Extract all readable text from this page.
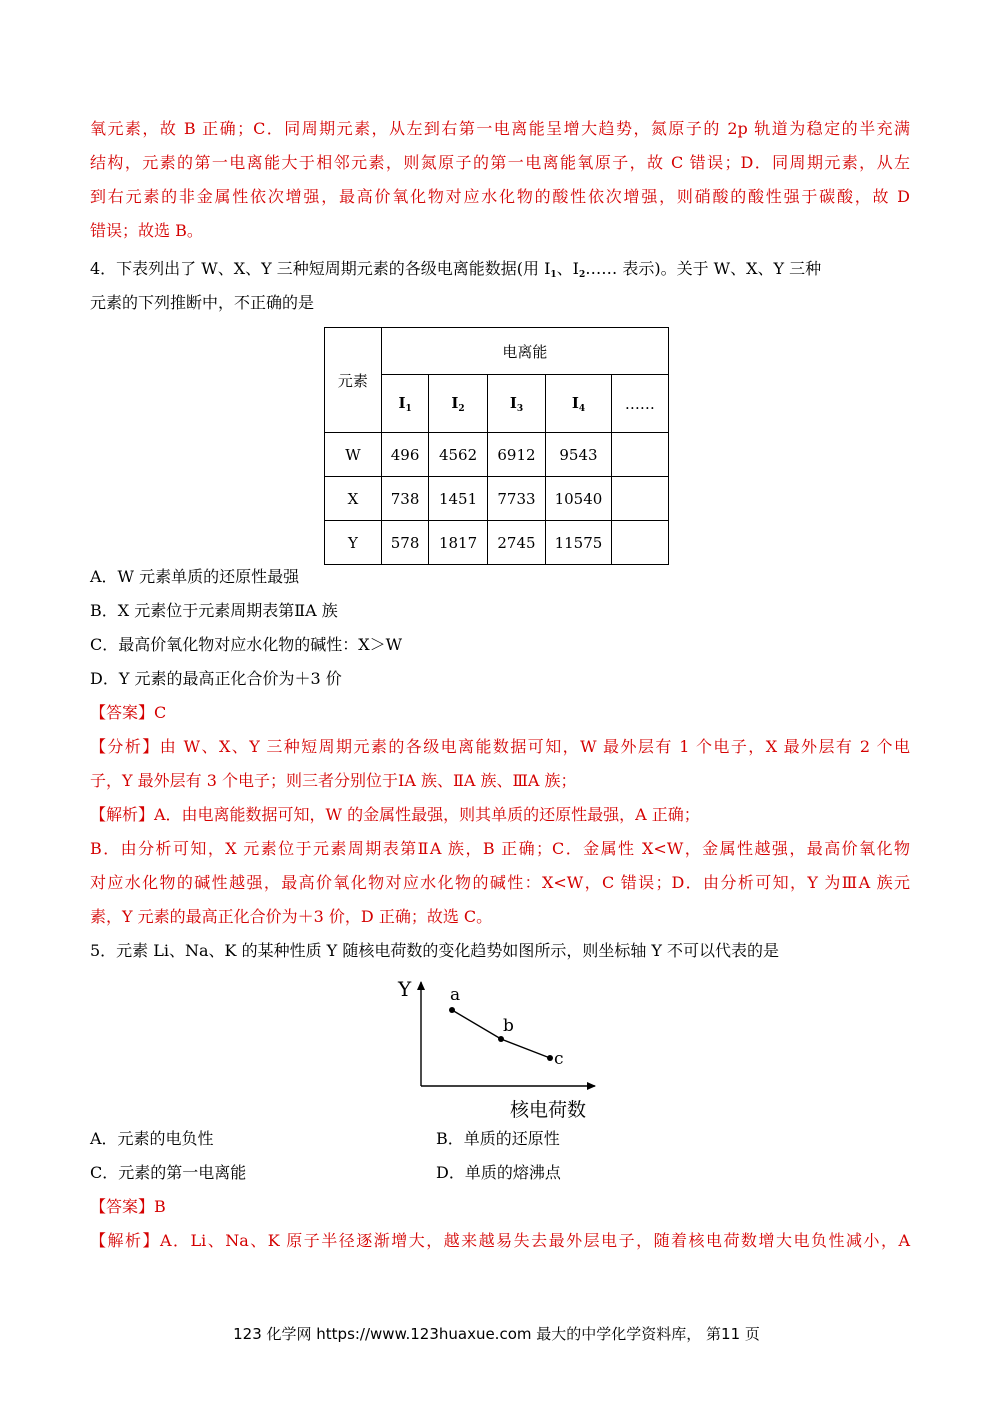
氧元素，故 B 正确；C．同周期元素，从左到右第一电离能呈增大趋势，氮原子的 2p 轨道为稳定的半充满
结构，元素的第一电离能大于相邻元素，则氮原子的第一电离能氧原子，故 C 错误；D．同周期元素，从左
到右元素的非金属性依次增强，最高价氧化物对应水化物的酸性依次增强，则硝酸的酸性强于碳酸，故 D
错误；故选 B。
4．下表列出了 W、X、Y 三种短周期元素的各级电离能数据(用 $I_1$、$I_2\dots\dots$ 表示)。关于 W、X、Y 三种
元素的下列推断中，不正确的是
元素	电离能				
	$I_1$	$I_2$	$I_3$	$I_4$	……
W	496	4562	6912	9543	
X	738	1451	7733	10540	
Y	578	1817	2745	11575	
A．W 元素单质的还原性最强
B．X 元素位于元素周期表第ⅡA 族
C．最高价氧化物对应水化物的碱性：X＞W
D．Y 元素的最高正化合价为＋3 价
【答案】C
【分析】由 W、X、Y 三种短周期元素的各级电离能数据可知，W 最外层有 1 个电子，X 最外层有 2 个电
子，Y 最外层有 3 个电子；则三者分别位于ⅠA 族、ⅡA 族、ⅢA 族；
【解析】A．由电离能数据可知，W 的金属性最强，则其单质的还原性最强，A 正确；
B．由分析可知，X 元素位于元素周期表第ⅡA 族，B 正确；C．金属性 X<W，金属性越强，最高价氧化物
对应水化物的碱性越强，最高价氧化物对应水化物的碱性：X<W，C 错误；D．由分析可知，Y 为ⅢA 族元
素，Y 元素的最高正化合价为＋3 价，D 正确；故选 C。
5．元素 Li、Na、K 的某种性质 Y 随核电荷数的变化趋势如图所示，则坐标轴 Y 不可以代表的是
Y
核电荷数
a
b
c
A．元素的电负性	B．单质的还原性
C．元素的第一电离能	D．单质的熔沸点
【答案】B
【解析】A．Li、Na、K 原子半径逐渐增大，越来越易失去最外层电子，随着核电荷数增大电负性减小，A
123 化学网 https://www.123huaxue.com 最大的中学化学资料库， 第11 页
